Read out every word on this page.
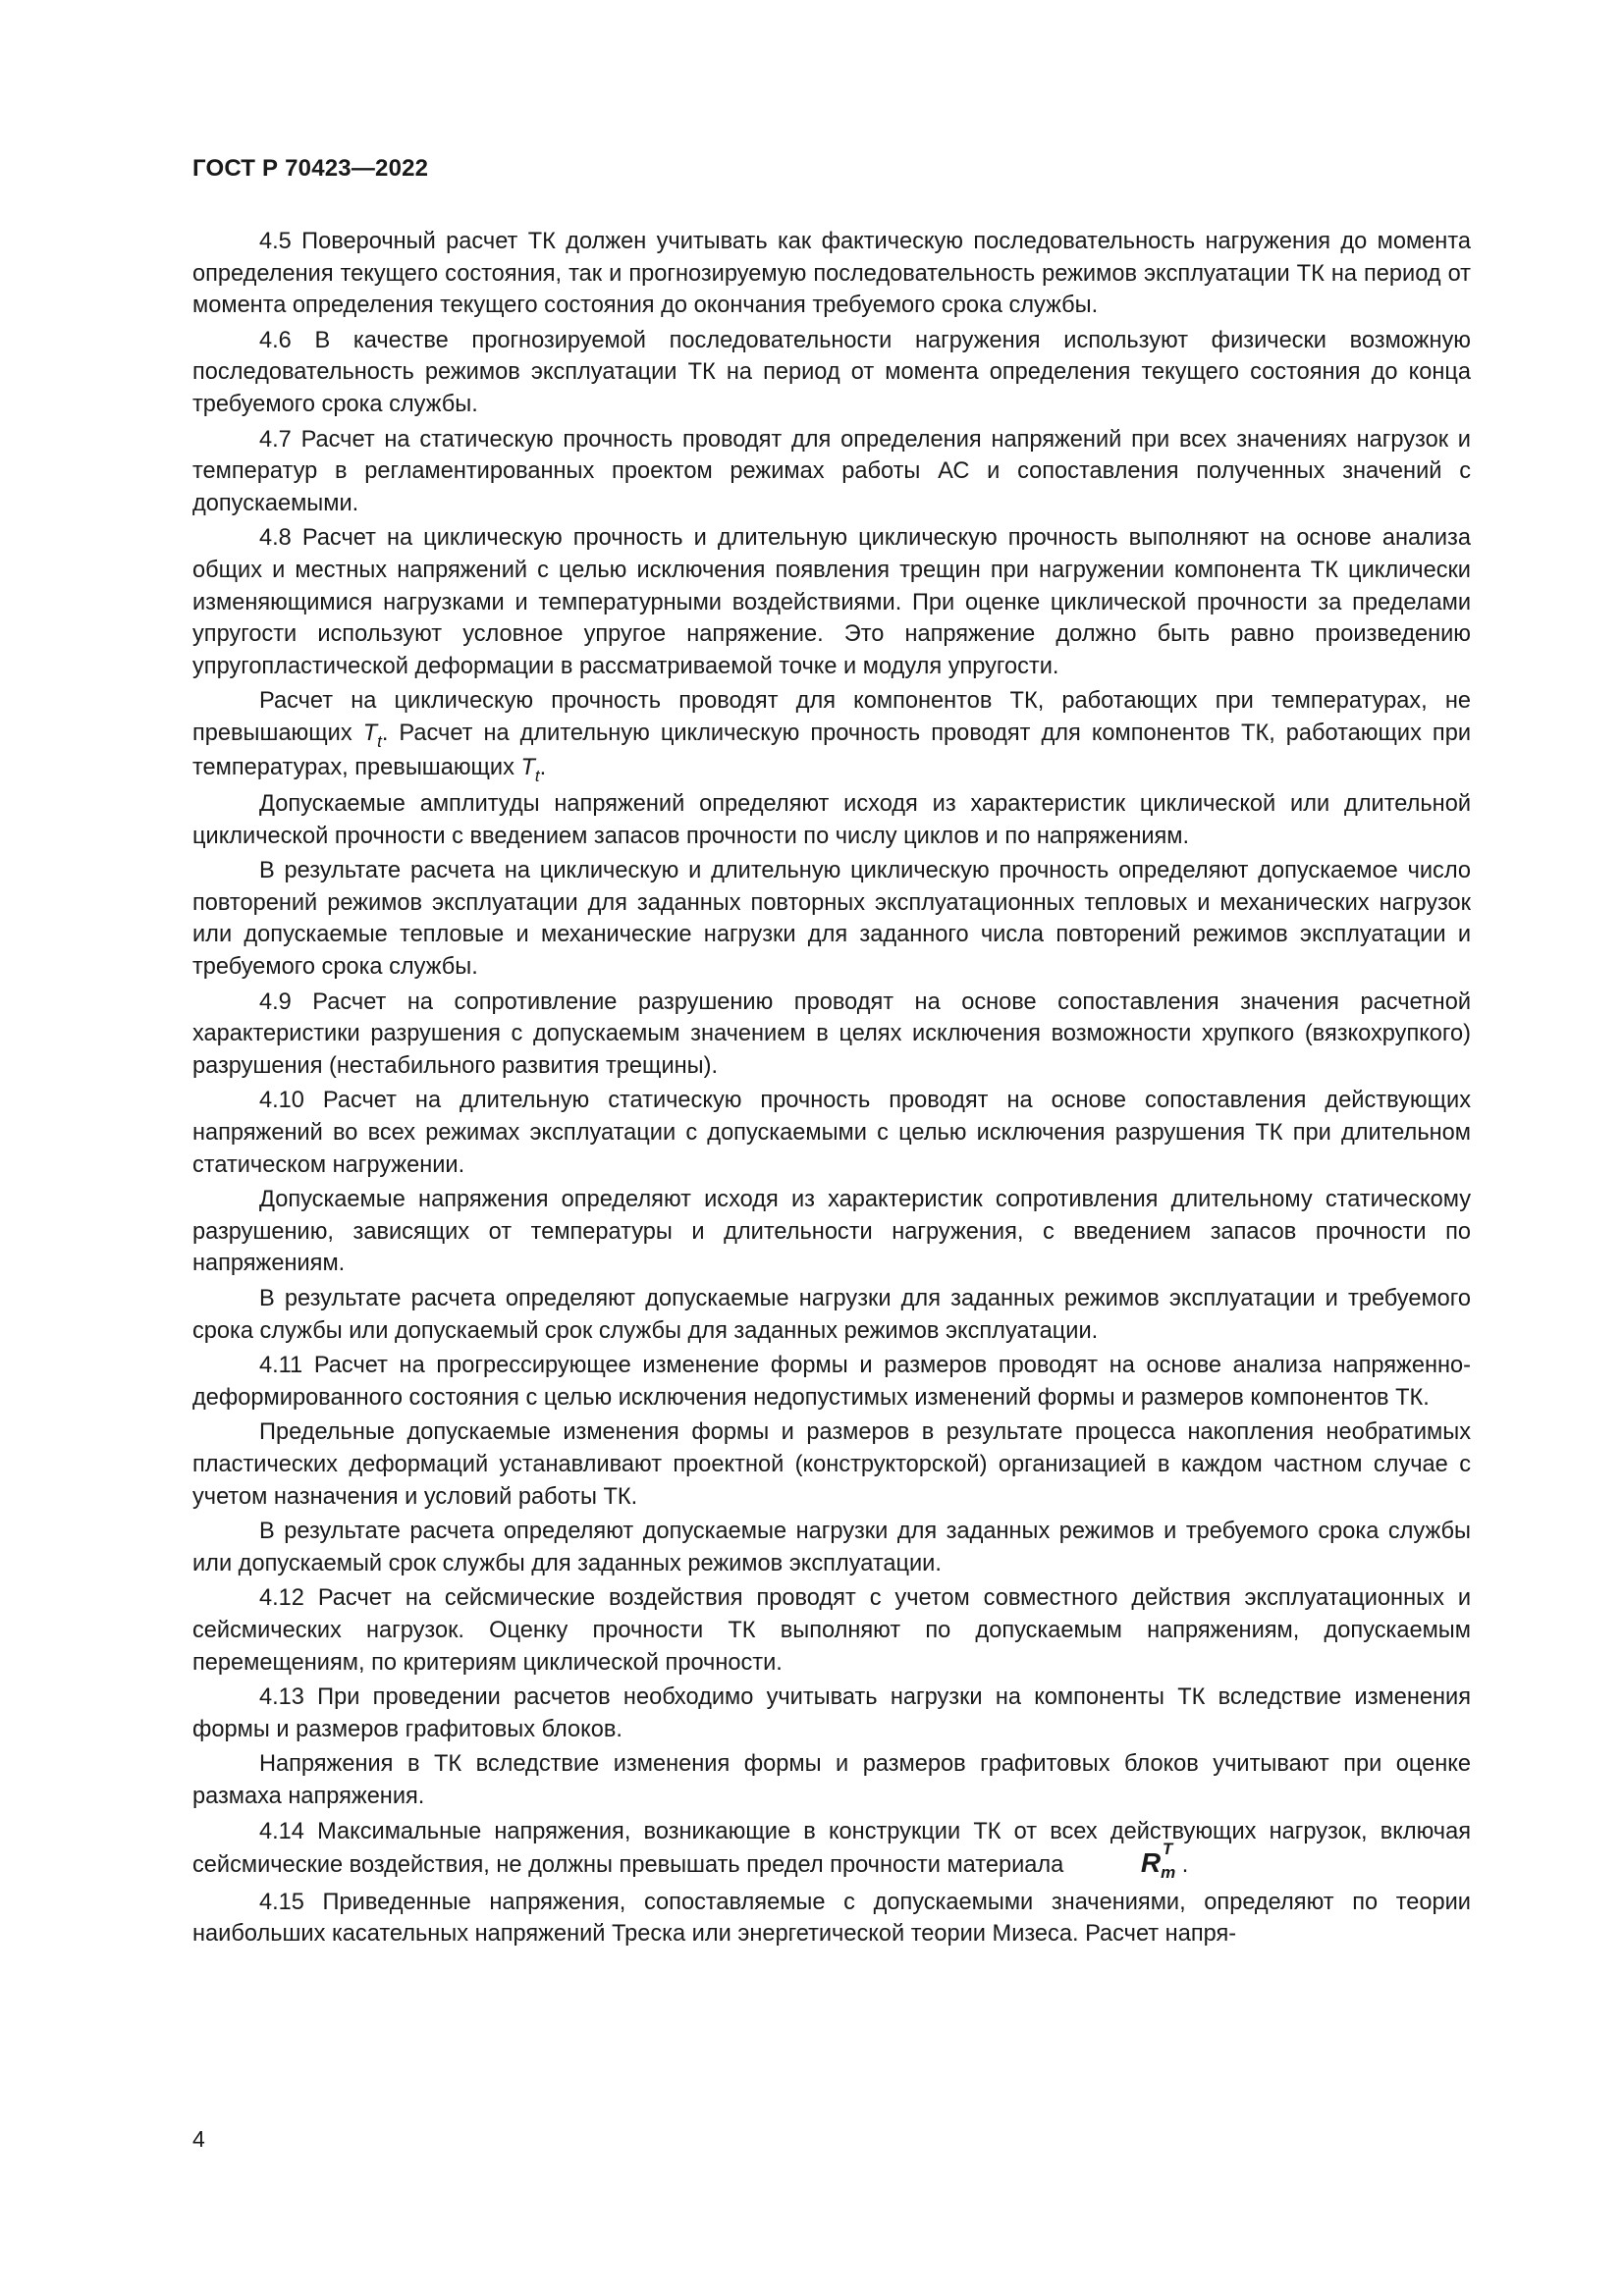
ГОСТ Р 70423—2022

4.5 Поверочный расчет ТК должен учитывать как фактическую последовательность нагружения до момента определения текущего состояния, так и прогнозируемую последовательность режимов эксплуатации ТК на период от момента определения текущего состояния до окончания требуемого срока службы.

4.6 В качестве прогнозируемой последовательности нагружения используют физически возможную последовательность режимов эксплуатации ТК на период от момента определения текущего состояния до конца требуемого срока службы.

4.7 Расчет на статическую прочность проводят для определения напряжений при всех значениях нагрузок и температур в регламентированных проектом режимах работы АС и сопоставления полученных значений с допускаемыми.

4.8 Расчет на циклическую прочность и длительную циклическую прочность выполняют на основе анализа общих и местных напряжений с целью исключения появления трещин при нагружении компонента ТК циклически изменяющимися нагрузками и температурными воздействиями. При оценке циклической прочности за пределами упругости используют условное упругое напряжение. Это напряжение должно быть равно произведению упругопластической деформации в рассматриваемой точке и модуля упругости.

Расчет на циклическую прочность проводят для компонентов ТК, работающих при температурах, не превышающих $T_t$. Расчет на длительную циклическую прочность проводят для компонентов ТК, работающих при температурах, превышающих $T_t$.

Допускаемые амплитуды напряжений определяют исходя из характеристик циклической или длительной циклической прочности с введением запасов прочности по числу циклов и по напряжениям.

В результате расчета на циклическую и длительную циклическую прочность определяют допускаемое число повторений режимов эксплуатации для заданных повторных эксплуатационных тепловых и механических нагрузок или допускаемые тепловые и механические нагрузки для заданного числа повторений режимов эксплуатации и требуемого срока службы.

4.9 Расчет на сопротивление разрушению проводят на основе сопоставления значения расчетной характеристики разрушения с допускаемым значением в целях исключения возможности хрупкого (вязкохрупкого) разрушения (нестабильного развития трещины).

4.10 Расчет на длительную статическую прочность проводят на основе сопоставления действующих напряжений во всех режимах эксплуатации с допускаемыми с целью исключения разрушения ТК при длительном статическом нагружении.

Допускаемые напряжения определяют исходя из характеристик сопротивления длительному статическому разрушению, зависящих от температуры и длительности нагружения, с введением запасов прочности по напряжениям.

В результате расчета определяют допускаемые нагрузки для заданных режимов эксплуатации и требуемого срока службы или допускаемый срок службы для заданных режимов эксплуатации.

4.11 Расчет на прогрессирующее изменение формы и размеров проводят на основе анализа напряженно-деформированного состояния с целью исключения недопустимых изменений формы и размеров компонентов ТК.

Предельные допускаемые изменения формы и размеров в результате процесса накопления необратимых пластических деформаций устанавливают проектной (конструкторской) организацией в каждом частном случае с учетом назначения и условий работы ТК.

В результате расчета определяют допускаемые нагрузки для заданных режимов и требуемого срока службы или допускаемый срок службы для заданных режимов эксплуатации.

4.12 Расчет на сейсмические воздействия проводят с учетом совместного действия эксплуатационных и сейсмических нагрузок. Оценку прочности ТК выполняют по допускаемым напряжениям, допускаемым перемещениям, по критериям циклической прочности.

4.13 При проведении расчетов необходимо учитывать нагрузки на компоненты ТК вследствие изменения формы и размеров графитовых блоков.

Напряжения в ТК вследствие изменения формы и размеров графитовых блоков учитывают при оценке размаха напряжения.

4.14 Максимальные напряжения, возникающие в конструкции ТК от всех действующих нагрузок, включая сейсмические воздействия, не должны превышать предел прочности материала	R T
$_m$ .

4.15 Приведенные напряжения, сопоставляемые с допускаемыми значениями, определяют по теории наибольших касательных напряжений Треска или энергетической теории Мизеса. Расчет напря-

4
